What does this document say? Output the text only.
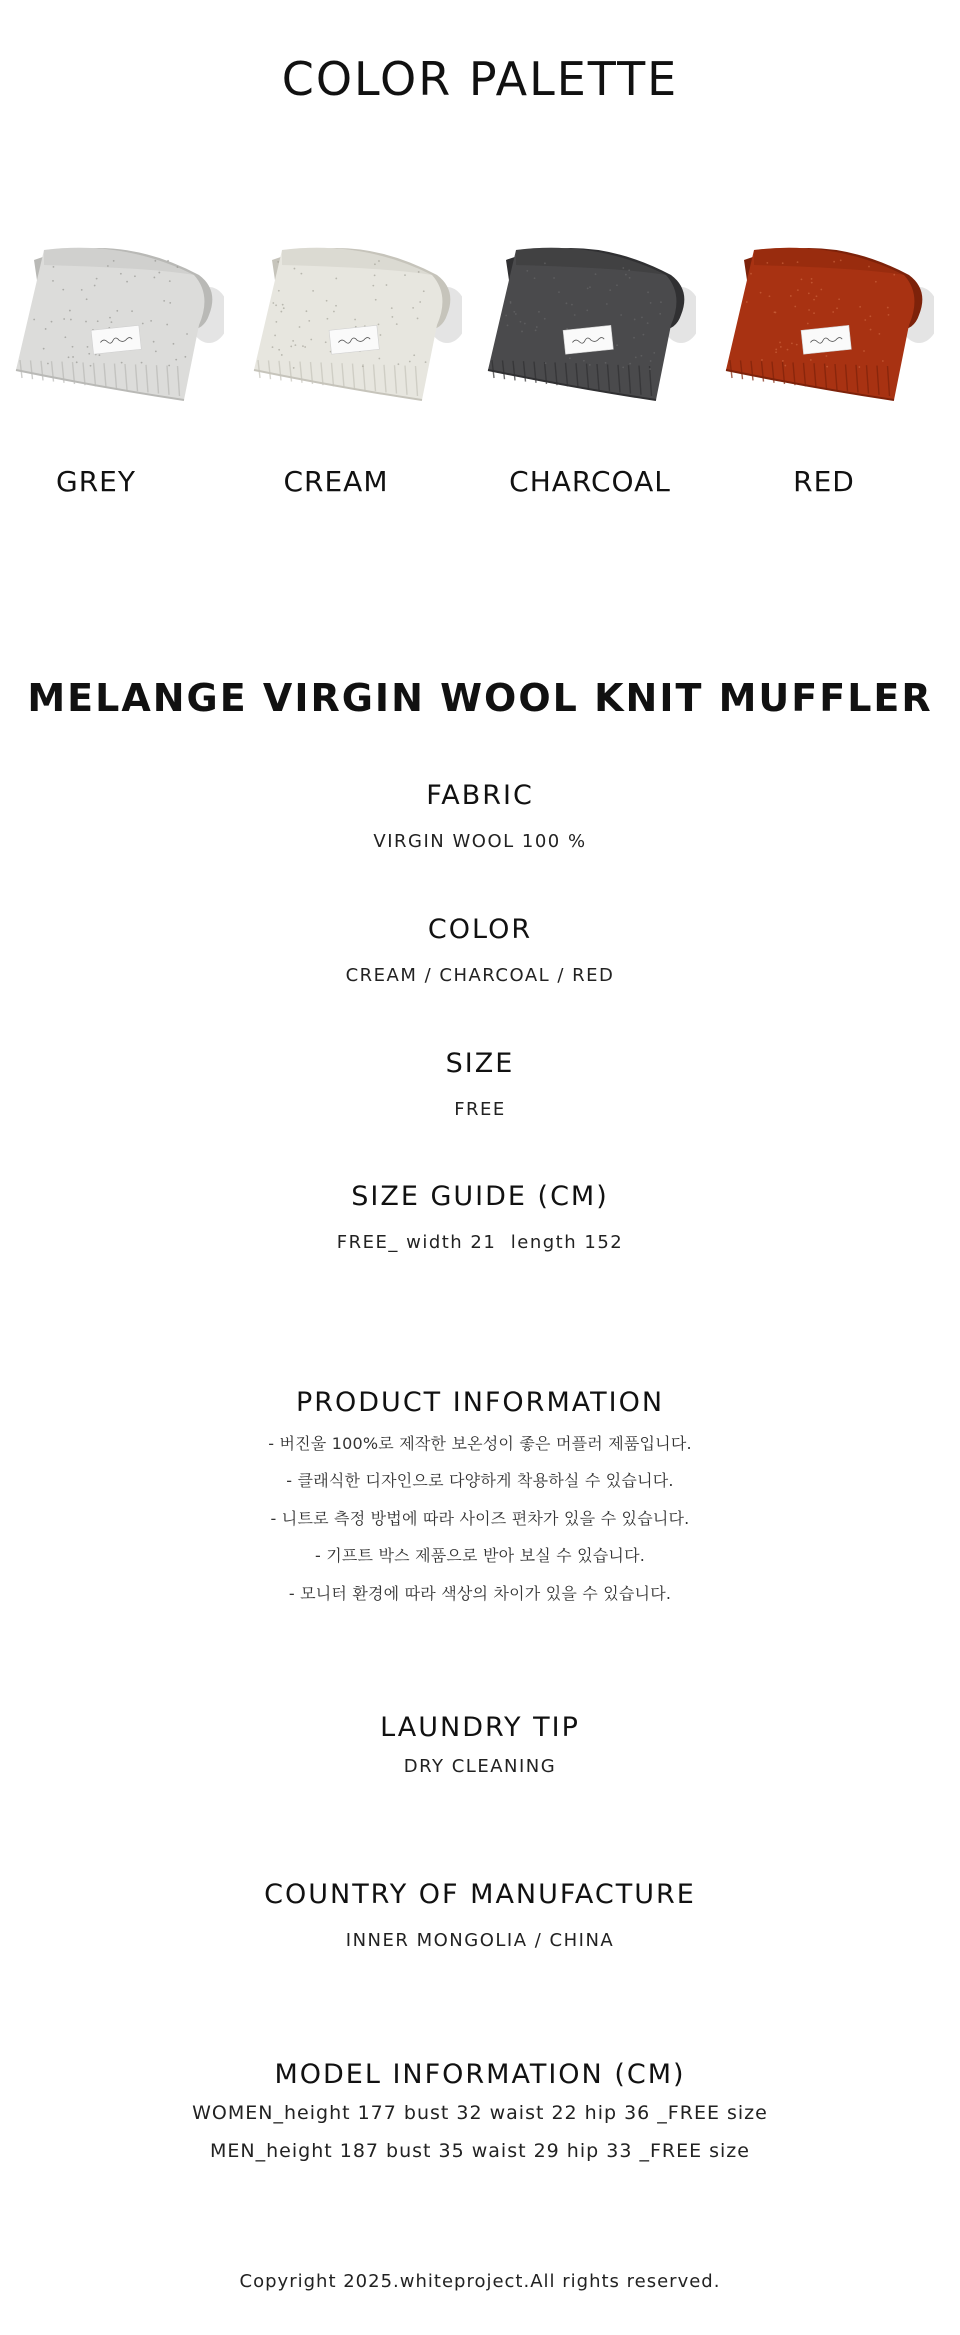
COLOR PALETTE
GREY	CREAM	CHARCOAL	RED
MELANGE VIRGIN WOOL KNIT MUFFLER
FABRIC
VIRGIN WOOL 100 %
COLOR
CREAM / CHARCOAL / RED
SIZE
FREE
SIZE GUIDE (CM)
FREE_ width 21  length 152
PRODUCT INFORMATION
- 버진울 100%로 제작한 보온성이 좋은 머플러 제품입니다.
- 클래식한 디자인으로 다양하게 착용하실 수 있습니다.
- 니트로 측정 방법에 따라 사이즈 편차가 있을 수 있습니다.
- 기프트 박스 제품으로 받아 보실 수 있습니다.
- 모니터 환경에 따라 색상의 차이가 있을 수 있습니다.
LAUNDRY TIP
DRY CLEANING
COUNTRY OF MANUFACTURE
INNER MONGOLIA / CHINA
MODEL INFORMATION (CM)
WOMEN_height 177 bust 32 waist 22 hip 36 _FREE size
MEN_height 187 bust 35 waist 29 hip 33 _FREE size
Copyright 2025.whiteproject.All rights reserved.
